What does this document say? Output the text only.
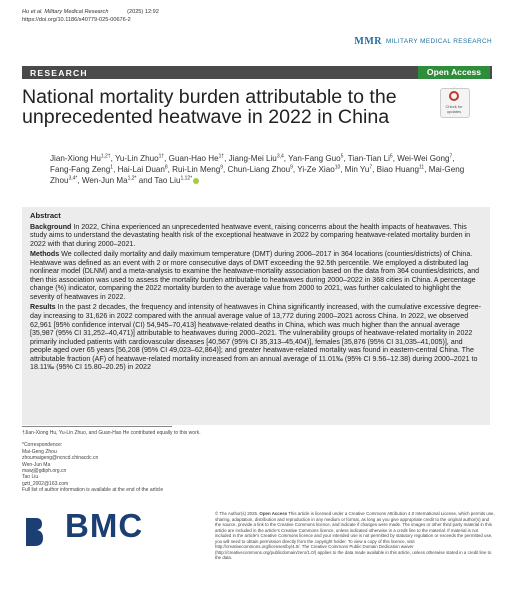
Hu et al. Military Medical Research	(2025) 12:92
https://doi.org/10.1186/s40779-025-00676-2
MMR MILITARY MEDICAL RESEARCH
RESEARCH	Open Access
National mortality burden attributable to the unprecedented heatwave in 2022 in China	Check for updates
Jian-Xiong $Hu^{1,2\dagger}$, Yu-Lin Zhuo$^{1\dagger}$, Guan-Hao $He^{1\dagger}$, Jiang-Mei Liu$^{3,4}$, Yan-Fang Guo$^5$, Tian-Tian Li$^6$, Wei-Wei Gong$^7$, Fang-Fang Zeng$^1$, Hai-Lai Duan$^8$, Rui-Lin Meng$^9$, Chun-Liang Zhou$^9$, Yi-Ze Xiao$^{10}$, Min Yu$^7$, Biao Huang$^{11}$, Mai-Geng Zhou$^{3,4*}$, Wen-Jun $Ma^{1,2*}$ and Tao Liu$^{1,12*}$
Abstract

Background In 2022, China experienced an unprecedented heatwave event, raising concerns about the health impacts of heatwaves. This study aims to understand the devastating health risk of the exceptional heatwave in 2022 by comparing heatwave-related mortality burden in 2022 with that during 2000–2021.

Methods We collected daily mortality and daily maximum temperature (DMT) during 2006–2017 in 364 locations (counties/districts) of China. Heatwave was defined as an event with 2 or more consecutive days of DMT exceeding the 92.5th percentile. We employed a distributed lag nonlinear model (DLNM) and a meta-analysis to examine the heatwave-mortality association based on the data from 364 counties/districts, and then this association was used to assess the mortality burden attributable to heatwaves during 2000–2022 in 368 cities in China. A percentage change (%) indicator, comparing the 2022 mortality burden to the average value from 2000 to 2021, was further calculated to highlight the severity of heatwaves in 2022.

Results In the past 2 decades, the frequency and intensity of heatwaves in China significantly increased, with the cumulative excessive degree-day increasing to 31,626 in 2022 compared with the annual average value of 13,772 during 2000–2021 across China. In 2022, we observed 62,961 [95% confidence interval (CI) 54,945–70,413] heatwave-related deaths in China, which was much higher than the annual average [35,987 (95% CI 31,252–40,471)] attributable to heatwaves during 2000–2021. The vulnerability groups of heatwave-related mortality in 2022 primarily included patients with cardiovascular diseases [40,567 (95% CI 35,313–45,404)], females [35,876 (95% CI 31,035–41,005)], and people aged over 65 years [56,208 (95% CI 49,023–62,864)]; and greater heatwave-related mortality was found in eastern-central China. The attributable fraction (AF) of heatwave-related mortality increased from an annual average of 11.01‰ (95% CI 9.56–12.38) during 2000–2021 to 18.11‰ (95% CI 15.80–20.25) in 2022

†Jian-Xiong Hu, Yu-Lin Zhuo, and Guan-Hao He contributed equally to this work.
*Correspondence:
Mai-Geng Zhou
zhoumaigeng@ncncd.chinacdc.cn
Wen-Jun Ma
mawj@gdiph.org.cn
Tao Liu
gztt_2002@163.com
Full list of author information is available at the end of the article
BMC	© The Author(s) 2025. Open Access This article is licensed under a Creative Commons Attribution 4.0 International License, which permits use, sharing, adaptation, distribution and reproduction in any medium or format, as long as you give appropriate credit to the original author(s) and the source, provide a link to the Creative Commons licence, and indicate if changes were made. The images or other third party material in this article are included in the article's Creative Commons licence, unless indicated otherwise in a credit line to the material. If material is not included in the article's Creative Commons licence and your intended use is not permitted by statutory regulation or exceeds the permitted use, you will need to obtain permission directly from the copyright holder. To view a copy of this licence, visit http://creativecommons.org/licenses/by/4.0/. The Creative Commons Public Domain Dedication waiver (http://creativecommons.org/publicdomain/zero/1.0/) applies to the data made available in this article, unless otherwise stated in a credit line to the data.
